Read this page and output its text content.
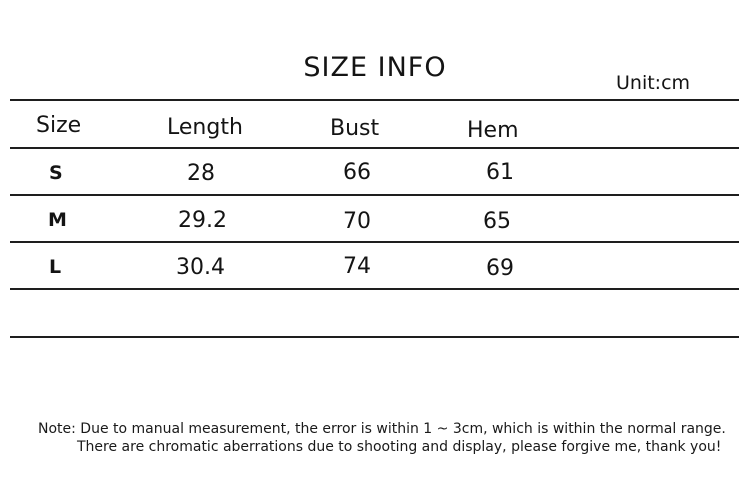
SIZE INFO	Unit:cm
Size	Length	Bust	Hem
S	28	66	61
M	29.2	70	65
L	30.4	74	69
Note: Due to manual measurement, the error is within 1 ~ 3cm, which is within the normal range.
There are chromatic aberrations due to shooting and display, please forgive me, thank you!
